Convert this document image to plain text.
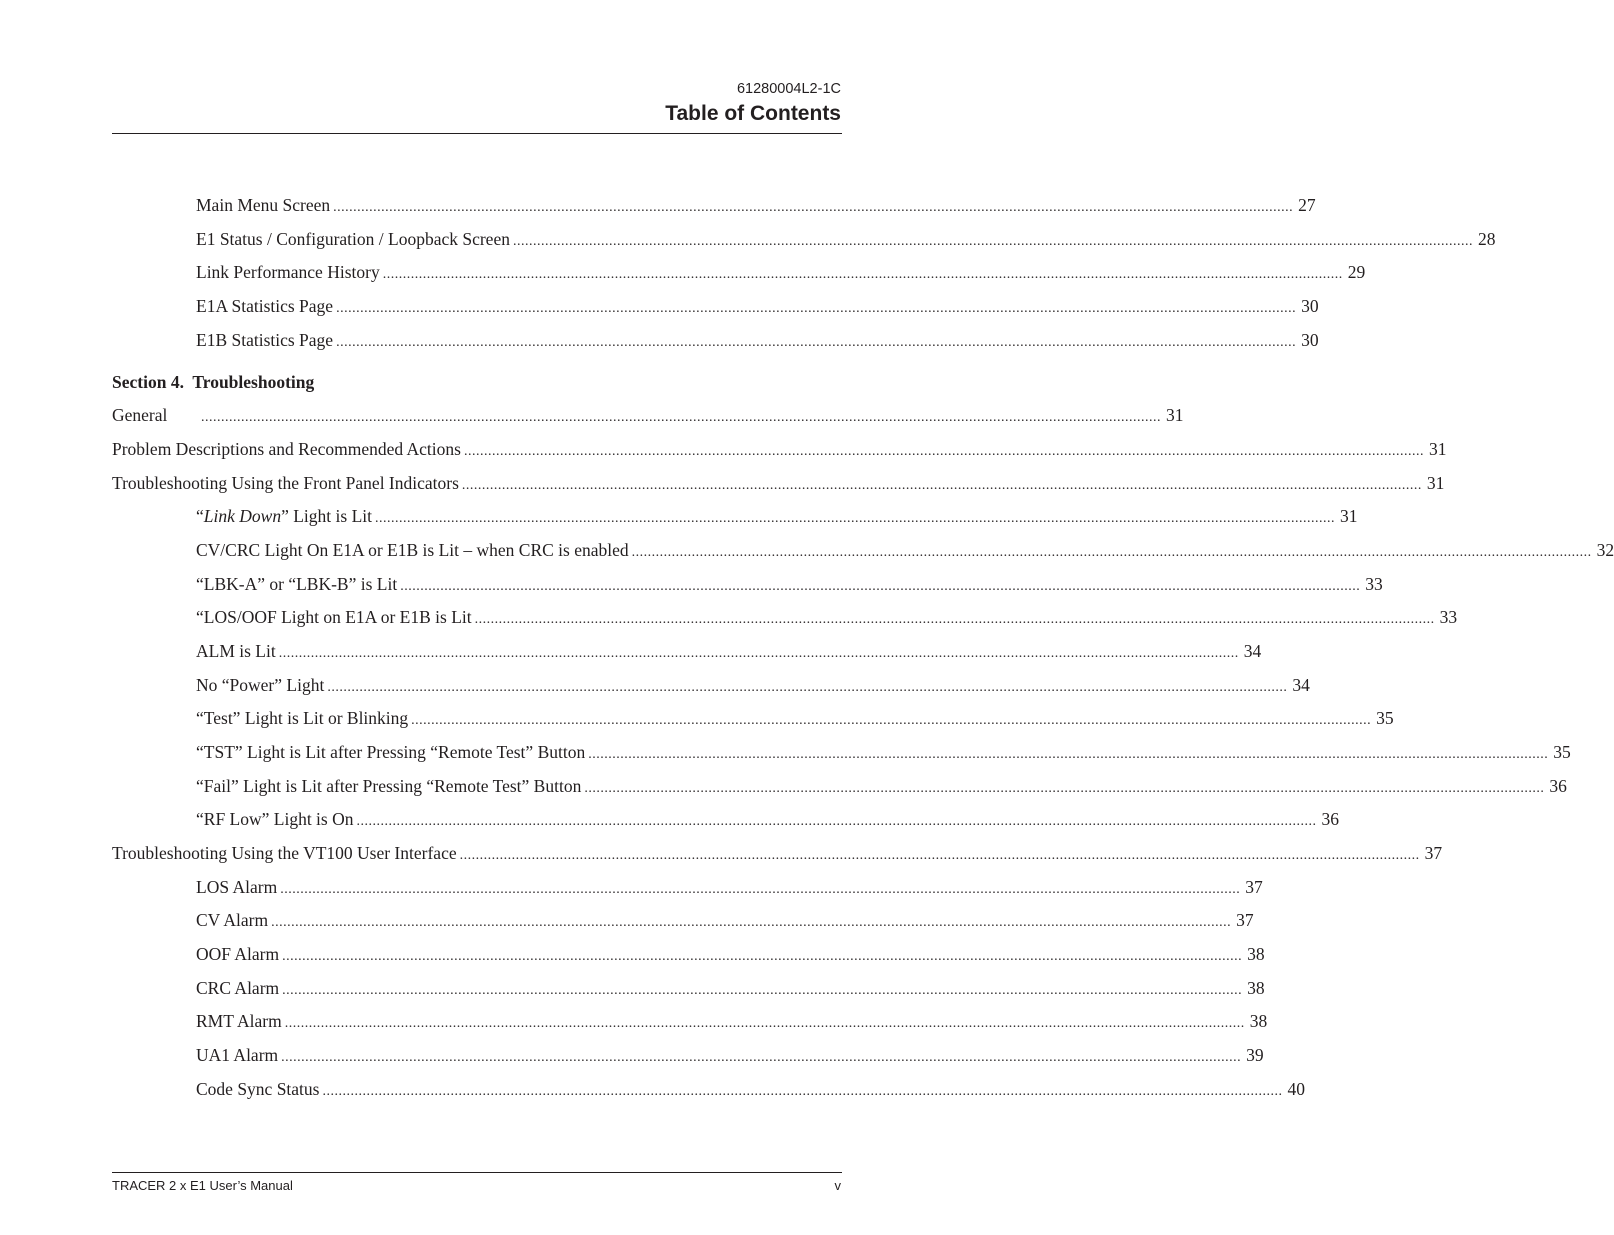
61280004L2-1C
Table of Contents
Main Menu Screen ................................................................................................................................................................................................................................................ 27
E1 Status / Configuration / Loopback Screen ................................................................................................................................................................................................................................................ 28
Link Performance History ................................................................................................................................................................................................................................................ 29
E1A Statistics Page ................................................................................................................................................................................................................................................ 30
E1B Statistics Page ................................................................................................................................................................................................................................................ 30
Section 4.  Troubleshooting
General	................................................................................................................................................................................................................................................ 31
Problem Descriptions and Recommended Actions ................................................................................................................................................................................................................................................ 31
Troubleshooting Using the Front Panel Indicators ................................................................................................................................................................................................................................................ 31
“Link Down” Light is Lit ................................................................................................................................................................................................................................................ 31
CV/CRC Light On E1A or E1B is Lit – when CRC is enabled ................................................................................................................................................................................................................................................ 32
“LBK-A” or “LBK-B” is Lit ................................................................................................................................................................................................................................................ 33
“LOS/OOF Light on E1A or E1B is Lit ................................................................................................................................................................................................................................................ 33
ALM is Lit ................................................................................................................................................................................................................................................ 34
No “Power” Light ................................................................................................................................................................................................................................................ 34
“Test” Light is Lit or Blinking ................................................................................................................................................................................................................................................ 35
“TST” Light is Lit after Pressing “Remote Test” Button ................................................................................................................................................................................................................................................ 35
“Fail” Light is Lit after Pressing “Remote Test” Button ................................................................................................................................................................................................................................................ 36
“RF Low” Light is On ................................................................................................................................................................................................................................................ 36
Troubleshooting Using the VT100 User Interface ................................................................................................................................................................................................................................................ 37
LOS Alarm ................................................................................................................................................................................................................................................ 37
CV Alarm ................................................................................................................................................................................................................................................ 37
OOF Alarm ................................................................................................................................................................................................................................................ 38
CRC Alarm ................................................................................................................................................................................................................................................ 38
RMT Alarm ................................................................................................................................................................................................................................................ 38
UA1 Alarm ................................................................................................................................................................................................................................................ 39
Code Sync Status ................................................................................................................................................................................................................................................ 40
TRACER 2 x E1 User’s Manual	v
